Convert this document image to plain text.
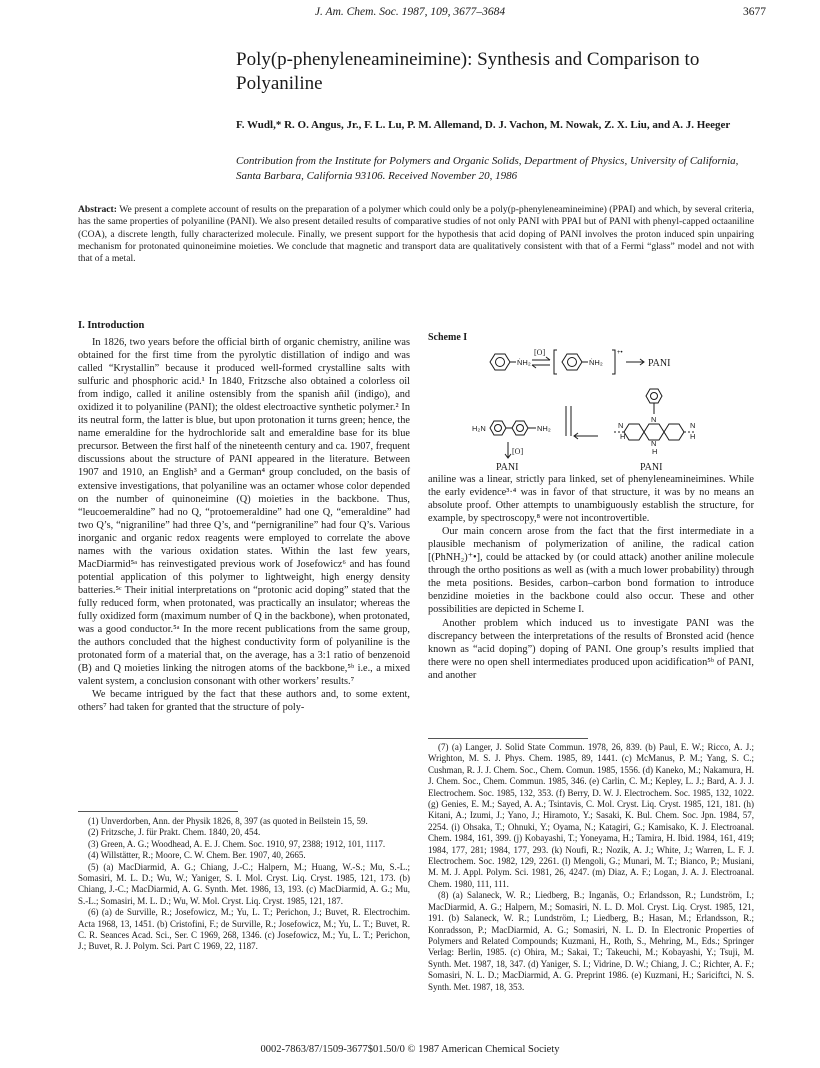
J. Am. Chem. Soc. 1987, 109, 3677–3684	3677
Poly(p-phenyleneamineimine): Synthesis and Comparison to Polyaniline
F. Wudl,* R. O. Angus, Jr., F. L. Lu, P. M. Allemand, D. J. Vachon, M. Nowak, Z. X. Liu, and A. J. Heeger
Contribution from the Institute for Polymers and Organic Solids, Department of Physics, University of California, Santa Barbara, California 93106. Received November 20, 1986
Abstract: We present a complete account of results on the preparation of a polymer which could only be a poly(p-phenyleneamineimine) (PPAI) and which, by several criteria, has the same properties of polyaniline (PANI). We also present detailed results of comparative studies of not only PANI with PPAI but of PANI with phenyl-capped octaaniline (COA), a discrete length, fully characterized molecule. Finally, we present support for the hypothesis that acid doping of PANI involves the proton induced spin unpairing mechanism for protonated quinoneimine moieties. We conclude that magnetic and transport data are qualitatively consistent with that of a Fermi “glass” model and not with that of a metal.
I. Introduction

In 1826, two years before the official birth of organic chemistry, aniline was obtained for the first time from the pyrolytic distillation of indigo and was called “Krystallin” because it produced well-formed crystalline salts with sulfuric and phosphoric acid.¹ In 1840, Fritzsche also obtained a colorless oil from indigo, called it aniline ostensibly from the spanish añil (indigo), and oxidized it to polyaniline (PANI); the oldest electroactive synthetic polymer.² In its neutral form, the latter is blue, but upon protonation it turns green; hence, the name emeraldine for the hydrochloride salt and emeraldine base for its blue precursor. Between the first half of the nineteenth century and ca. 1907, frequent discussions about the structure of PANI appeared in the literature. Between 1907 and 1910, an English³ and a German⁴ group concluded, on the basis of extensive investigations, that polyaniline was an octamer whose color depended on the number of quinoneimine (Q) moieties in the backbone. Thus, “leucoemeraldine” had no Q, “protoemeraldine” had one Q, “emeraldine” had two Q’s, “nigraniline” had three Q’s, and “pernigraniline” had four Q’s. Various inorganic and organic redox reagents were employed to correlate the above names with the various oxidation states. Within the last few years, MacDiarmid⁵ᵃ has reinvestigated previous work of Josefowicz⁶ and has found potential application of this polymer to lightweight, high energy density batteries.⁵ᶜ Their initial interpretations on “protonic acid doping” stated that the fully reduced form, when protonated, was practically an insulator; whereas the fully oxidized form (maximum number of Q in the backbone), when protonated, was a good conductor.⁵ᵃ In the more recent publications from the same group, the authors concluded that the highest conductivity form of polyaniline is the protonated form of a material that, on the average, has a 3:1 ratio of benzenoid (B) and Q moieties linking the nitrogen atoms of the backbone,⁵ᵇ i.e., a mixed valent system, a conclusion consonant with other workers’ results.⁷

We became intrigued by the fact that these authors and, to some extent, others⁷ had taken for granted that the structure of poly-

(1) Unverdorben, Ann. der Physik 1826, 8, 397 (as quoted in Beilstein 15, 59.

(2) Fritzsche, J. für Prakt. Chem. 1840, 20, 454.

(3) Green, A. G.; Woodhead, A. E. J. Chem. Soc. 1910, 97, 2388; 1912, 101, 1117.

(4) Willstätter, R.; Moore, C. W. Chem. Ber. 1907, 40, 2665.

(5) (a) MacDiarmid, A. G.; Chiang, J.-C.; Halpern, M.; Huang, W.-S.; Mu, S.-L.; Somasiri, M. L. D.; Wu, W.; Yaniger, S. I. Mol. Cryst. Liq. Cryst. 1985, 121, 173. (b) Chiang, J.-C.; MacDiarmid, A. G. Synth. Met. 1986, 13, 193. (c) MacDiarmid, A. G.; Mu, S.-L.; Somasiri, M. L. D.; Wu, W. Mol. Cryst. Liq. Cryst. 1985, 121, 187.

(6) (a) de Surville, R.; Josefowicz, M.; Yu, L. T.; Perichon, J.; Buvet, R. Electrochim. Acta 1968, 13, 1451. (b) Cristofini, F.; de Surville, R.; Josefowicz, M.; Yu, L. T.; Buvet, R. C. R. Seances Acad. Sci., Ser. C 1969, 268, 1346. (c) Josefowicz, M.; Yu, L. T.; Perichon, J.; Buvet, R. J. Polym. Sci. Part C 1969, 22, 1187.

Scheme I
ṄH₂	ṄH₂
+•
H₂N	NH₂	N	N
N
N
H
H	H
[O]
[O]
PANI
PANI	PANI

aniline was a linear, strictly para linked, set of phenyleneamineimines. While the early evidence³·⁴ was in favor of that structure, it was by no means an absolute proof. Other attempts to unambiguously establish the structure, for example, by spectroscopy,⁸ were not incontrovertible.

Our main concern arose from the fact that the first intermediate in a plausible mechanism of polymerization of aniline, the radical cation [(PhNH₂)⁺•], could be attacked by (or could attack) another aniline molecule through the ortho positions as well as (with a much lower probability) through the meta positions. Besides, carbon–carbon bond formation to introduce benzidine moieties in the backbone could also occur. These and other possibilities are depicted in Scheme I.

Another problem which induced us to investigate PANI was the discrepancy between the interpretations of the results of Bronsted acid (hence known as “acid doping”) doping of PANI. One group’s results implied that there were no open shell intermediates produced upon acidification⁵ᵇ of PANI, and another

(7) (a) Langer, J. Solid State Commun. 1978, 26, 839. (b) Paul, E. W.; Ricco, A. J.; Wrighton, M. S. J. Phys. Chem. 1985, 89, 1441. (c) McManus, P. M.; Yang, S. C.; Cushman, R. J. J. Chem. Soc., Chem. Comun. 1985, 1556. (d) Kaneko, M.; Nakamura, H. J. Chem. Soc., Chem. Commun. 1985, 346. (e) Carlin, C. M.; Kepley, L. J.; Bard, A. J. J. Electrochem. Soc. 1985, 132, 353. (f) Berry, D. W. J. Electrochem. Soc. 1985, 132, 1022. (g) Genies, E. M.; Sayed, A. A.; Tsintavis, C. Mol. Cryst. Liq. Cryst. 1985, 121, 181. (h) Kitani, A.; Izumi, J.; Yano, J.; Hiramoto, Y.; Sasaki, K. Bul. Chem. Soc. Jpn. 1984, 57, 2254. (i) Ohsaka, T.; Ohnuki, Y.; Oyama, N.; Katagiri, G.; Kamisako, K. J. Electroanal. Chem. 1984, 161, 399. (j) Kobayashi, T.; Yoneyama, H.; Tamira, H. Ibid. 1984, 161, 419; 1984, 177, 281; 1984, 177, 293. (k) Noufi, R.; Nozik, A. J.; White, J.; Warren, L. F. J. Electrochem. Soc. 1982, 129, 2261. (l) Mengoli, G.; Munari, M. T.; Bianco, P.; Musiani, M. M. J. Appl. Polym. Sci. 1981, 26, 4247. (m) Diaz, A. F.; Logan, J. A. J. Electroanal. Chem. 1980, 111, 111.

(8) (a) Salaneck, W. R.; Liedberg, B.; Inganäs, O.; Erlandsson, R.; Lundström, I.; MacDiarmid, A. G.; Halpern, M.; Somasiri, N. L. D. Mol. Cryst. Liq. Cryst. 1985, 121, 191. (b) Salaneck, W. R.; Lundström, I.; Liedberg, B.; Hasan, M.; Erlandsson, R.; Konradsson, P.; MacDiarmid, A. G.; Somasiri, N. L. D. In Electronic Properties of Polymers and Related Compounds; Kuzmani, H., Roth, S., Mehring, M., Eds.; Springer Verlag: Berlin, 1985. (c) Ohira, M.; Sakai, T.; Takeuchi, M.; Kobayashi, Y.; Tsuji, M. Synth. Met. 1987, 18, 347. (d) Yaniger, S. I.; Vidrine, D. W.; Chiang, J. C.; Richter, A. F.; Somasiri, N. L. D.; MacDiarmid, A. G. Preprint 1986. (e) Kuzmani, H.; Sariciftci, N. S. Synth. Met. 1987, 18, 353.

0002-7863/87/1509-3677$01.50/0 © 1987 American Chemical Society
